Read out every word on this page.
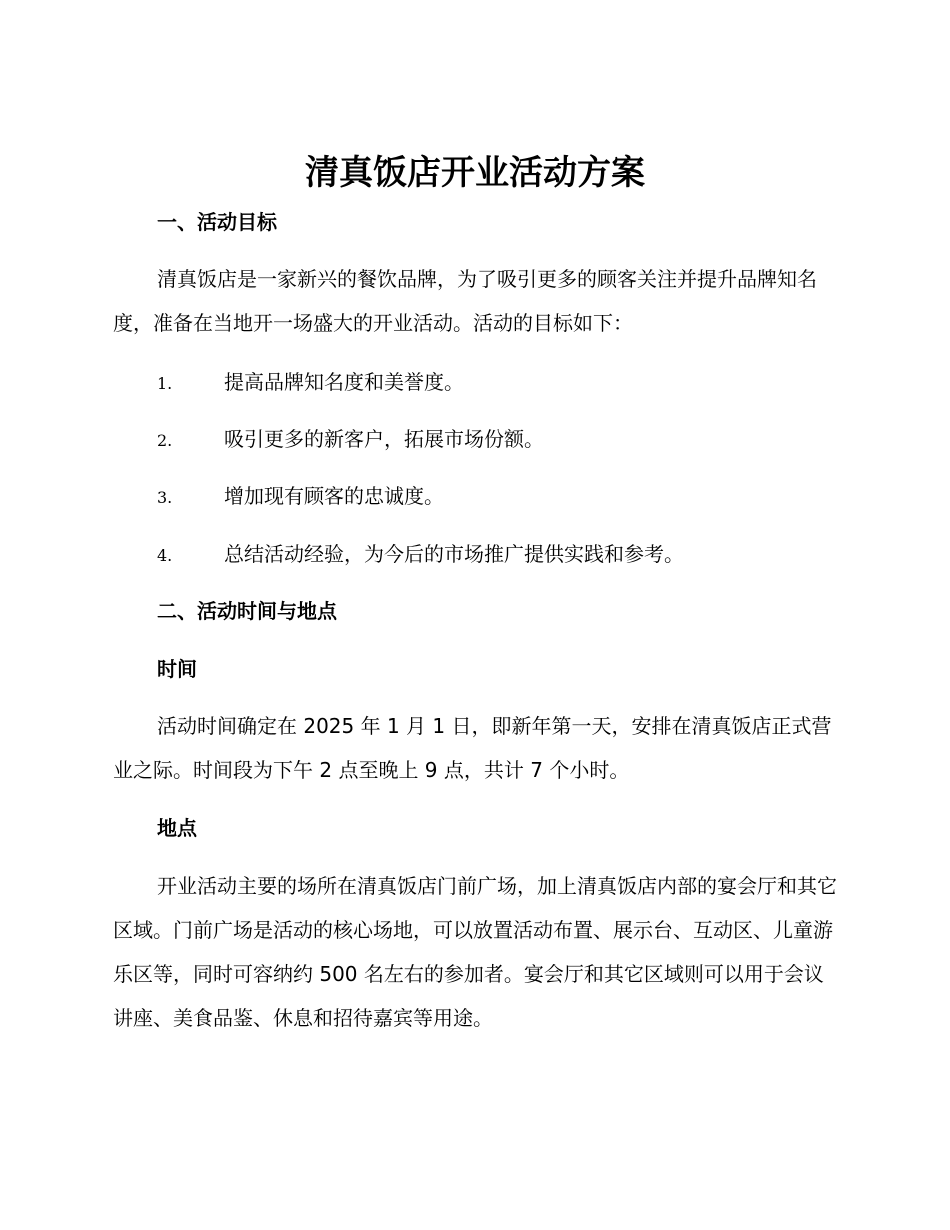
清真饭店开业活动方案
一、活动目标
清真饭店是一家新兴的餐饮品牌，为了吸引更多的顾客关注并提升品牌知名度，准备在当地开一场盛大的开业活动。活动的目标如下：
1.	提高品牌知名度和美誉度。
2.	吸引更多的新客户，拓展市场份额。
3.	增加现有顾客的忠诚度。
4.	总结活动经验，为今后的市场推广提供实践和参考。
二、活动时间与地点
时间
活动时间确定在 2025 年 1 月 1 日，即新年第一天，安排在清真饭店正式营业之际。时间段为下午 2 点至晚上 9 点，共计 7 个小时。
地点
开业活动主要的场所在清真饭店门前广场，加上清真饭店内部的宴会厅和其它区域。门前广场是活动的核心场地，可以放置活动布置、展示台、互动区、儿童游乐区等，同时可容纳约 500 名左右的参加者。宴会厅和其它区域则可以用于会议讲座、美食品鉴、休息和招待嘉宾等用途。
